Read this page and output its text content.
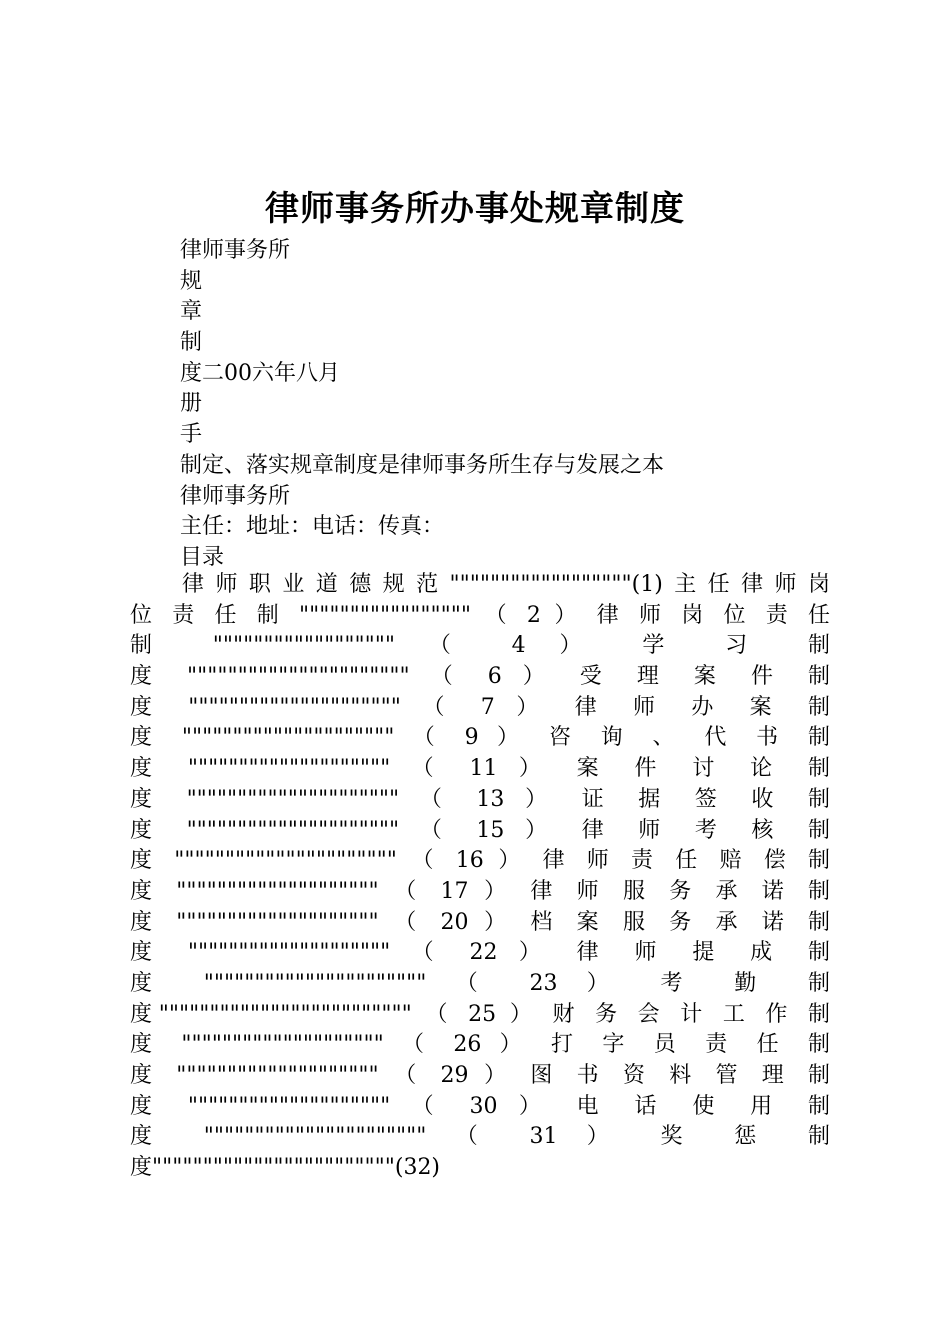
律师事务所办事处规章制度
律师事务所
规
章
制
度二00六年八月
册
手
制定、落实规章制度是律师事务所生存与发展之本
律师事务所
主任：地址：电话：传真：
目录
律师职业道德规范""""""""""""""""""(1)主任律师岗
位 责 任 制 """"""""""""""""" （ 2 ） 律 师 岗 位 责 任
制 """""""""""""""""" （ 4 ） 学 习 制
度 """""""""""""""""""""" （ 6 ） 受 理 案 件 制
度 """"""""""""""""""""" （ 7 ） 律 师 办 案 制
度 """"""""""""""""""""" （ 9 ） 咨 询 、 代 书 制
度 """""""""""""""""""" （ 11 ） 案 件 讨 论 制
度 """"""""""""""""""""" （ 13 ） 证 据 签 收 制
度 """"""""""""""""""""" （ 15 ） 律 师 考 核 制
度 """""""""""""""""""""" （ 16 ） 律 师 责 任 赔 偿 制
度 """""""""""""""""""" （ 17 ） 律 师 服 务 承 诺 制
度 """""""""""""""""""" （ 20 ） 档 案 服 务 承 诺 制
度 """""""""""""""""""" （ 22 ） 律 师 提 成 制
度 """""""""""""""""""""" （ 23 ） 考 勤 制
度""""""""""""""""""""""""" （ 25 ） 财 务 会 计 工 作 制
度 """""""""""""""""""" （ 26 ） 打 字 员 责 任 制
度 """""""""""""""""""" （ 29 ） 图 书 资 料 管 理 制
度 """""""""""""""""""" （ 30 ） 电 话 使 用 制
度 """""""""""""""""""""" （ 31 ） 奖 惩 制
度""""""""""""""""""""""""(32)
